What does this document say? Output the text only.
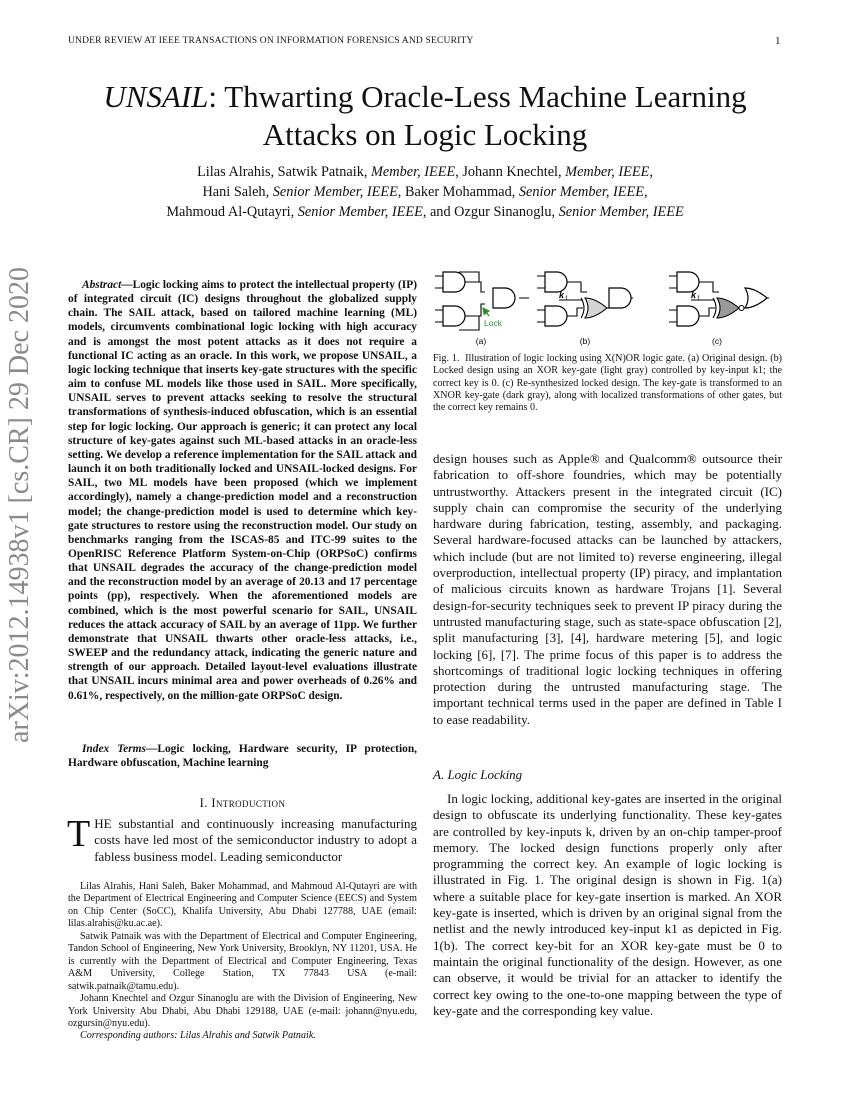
UNDER REVIEW AT IEEE TRANSACTIONS ON INFORMATION FORENSICS AND SECURITY	1
arXiv:2012.14938v1 [cs.CR] 29 Dec 2020
UNSAIL: Thwarting Oracle-Less Machine Learning Attacks on Logic Locking
Lilas Alrahis, Satwik Patnaik, Member, IEEE, Johann Knechtel, Member, IEEE,
Hani Saleh, Senior Member, IEEE, Baker Mohammad, Senior Member, IEEE,
Mahmoud Al-Qutayri, Senior Member, IEEE, and Ozgur Sinanoglu, Senior Member, IEEE
Abstract—Logic locking aims to protect the intellectual property (IP) of integrated circuit (IC) designs throughout the globalized supply chain. The SAIL attack, based on tailored machine learning (ML) models, circumvents combinational logic locking with high accuracy and is amongst the most potent attacks as it does not require a functional IC acting as an oracle. In this work, we propose UNSAIL, a logic locking technique that inserts key-gate structures with the specific aim to confuse ML models like those used in SAIL. More specifically, UNSAIL serves to prevent attacks seeking to resolve the structural transformations of synthesis-induced obfuscation, which is an essential step for logic locking. Our approach is generic; it can protect any local structure of key-gates against such ML-based attacks in an oracle-less setting. We develop a reference implementation for the SAIL attack and launch it on both traditionally locked and UNSAIL-locked designs. For SAIL, two ML models have been proposed (which we implement accordingly), namely a change-prediction model and a reconstruction model; the change-prediction model is used to determine which key-gate structures to restore using the reconstruction model. Our study on benchmarks ranging from the ISCAS-85 and ITC-99 suites to the OpenRISC Reference Platform System-on-Chip (ORPSoC) confirms that UNSAIL degrades the accuracy of the change-prediction model and the reconstruction model by an average of 20.13 and 17 percentage points (pp), respectively. When the aforementioned models are combined, which is the most powerful scenario for SAIL, UNSAIL reduces the attack accuracy of SAIL by an average of 11pp. We further demonstrate that UNSAIL thwarts other oracle-less attacks, i.e., SWEEP and the redundancy attack, indicating the generic nature and strength of our approach. Detailed layout-level evaluations illustrate that UNSAIL incurs minimal area and power overheads of 0.26% and 0.61%, respectively, on the million-gate ORPSoC design.
Index Terms—Logic locking, Hardware security, IP protection, Hardware obfuscation, Machine learning
I. Introduction
THE substantial and continuously increasing manufacturing costs have led most of the semiconductor industry to adopt a fabless business model. Leading semiconductor

Lilas Alrahis, Hani Saleh, Baker Mohammad, and Mahmoud Al-Qutayri are with the Department of Electrical Engineering and Computer Science (EECS) and System on Chip Center (SoCC), Khalifa University, Abu Dhabi 127788, UAE (email: lilas.alrahis@ku.ac.ae).

Satwik Patnaik was with the Department of Electrical and Computer Engineering, Tandon School of Engineering, New York University, Brooklyn, NY 11201, USA. He is currently with the Department of Electrical and Computer Engineering, Texas A&M University, College Station, TX 77843 USA (e-mail: satwik.patnaik@tamu.edu).

Johann Knechtel and Ozgur Sinanoglu are with the Division of Engineering, New York University Abu Dhabi, Abu Dhabi 129188, UAE (e-mail: johann@nyu.edu, ozgursin@nyu.edu).

Corresponding authors: Lilas Alrahis and Satwik Patnaik.

Lock
(a)
k 1
(b)
k 1
(c)
Fig. 1. Illustration of logic locking using X(N)OR logic gate. (a) Original design. (b) Locked design using an XOR key-gate (light gray) controlled by key-input k1; the correct key is 0. (c) Re-synthesized locked design. The key-gate is transformed to an XNOR key-gate (dark gray), along with localized transformations of other gates, but the correct key remains 0.
design houses such as Apple® and Qualcomm® outsource their fabrication to off-shore foundries, which may be potentially untrustworthy. Attackers present in the integrated circuit (IC) supply chain can compromise the security of the underlying hardware during fabrication, testing, assembly, and packaging. Several hardware-focused attacks can be launched by attackers, which include (but are not limited to) reverse engineering, illegal overproduction, intellectual property (IP) piracy, and implantation of malicious circuits known as hardware Trojans [1]. Several design-for-security techniques seek to prevent IP piracy during the untrusted manufacturing stage, such as state-space obfuscation [2], split manufacturing [3], [4], hardware metering [5], and logic locking [6], [7]. The prime focus of this paper is to address the shortcomings of traditional logic locking techniques in offering protection during the untrusted manufacturing stage. The important technical terms used in the paper are defined in Table I to ease readability.
A. Logic Locking
In logic locking, additional key-gates are inserted in the original design to obfuscate its underlying functionality. These key-gates are controlled by key-inputs k, driven by an on-chip tamper-proof memory. The locked design functions properly only after programming the correct key. An example of logic locking is illustrated in Fig. 1. The original design is shown in Fig. 1(a) where a suitable place for key-gate insertion is marked. An XOR key-gate is inserted, which is driven by an original signal from the netlist and the newly introduced key-input k1 as depicted in Fig. 1(b). The correct key-bit for an XOR key-gate must be 0 to maintain the original functionality of the design. However, as one can observe, it would be trivial for an attacker to identify the correct key owing to the one-to-one mapping between the type of key-gate and the corresponding key value.
